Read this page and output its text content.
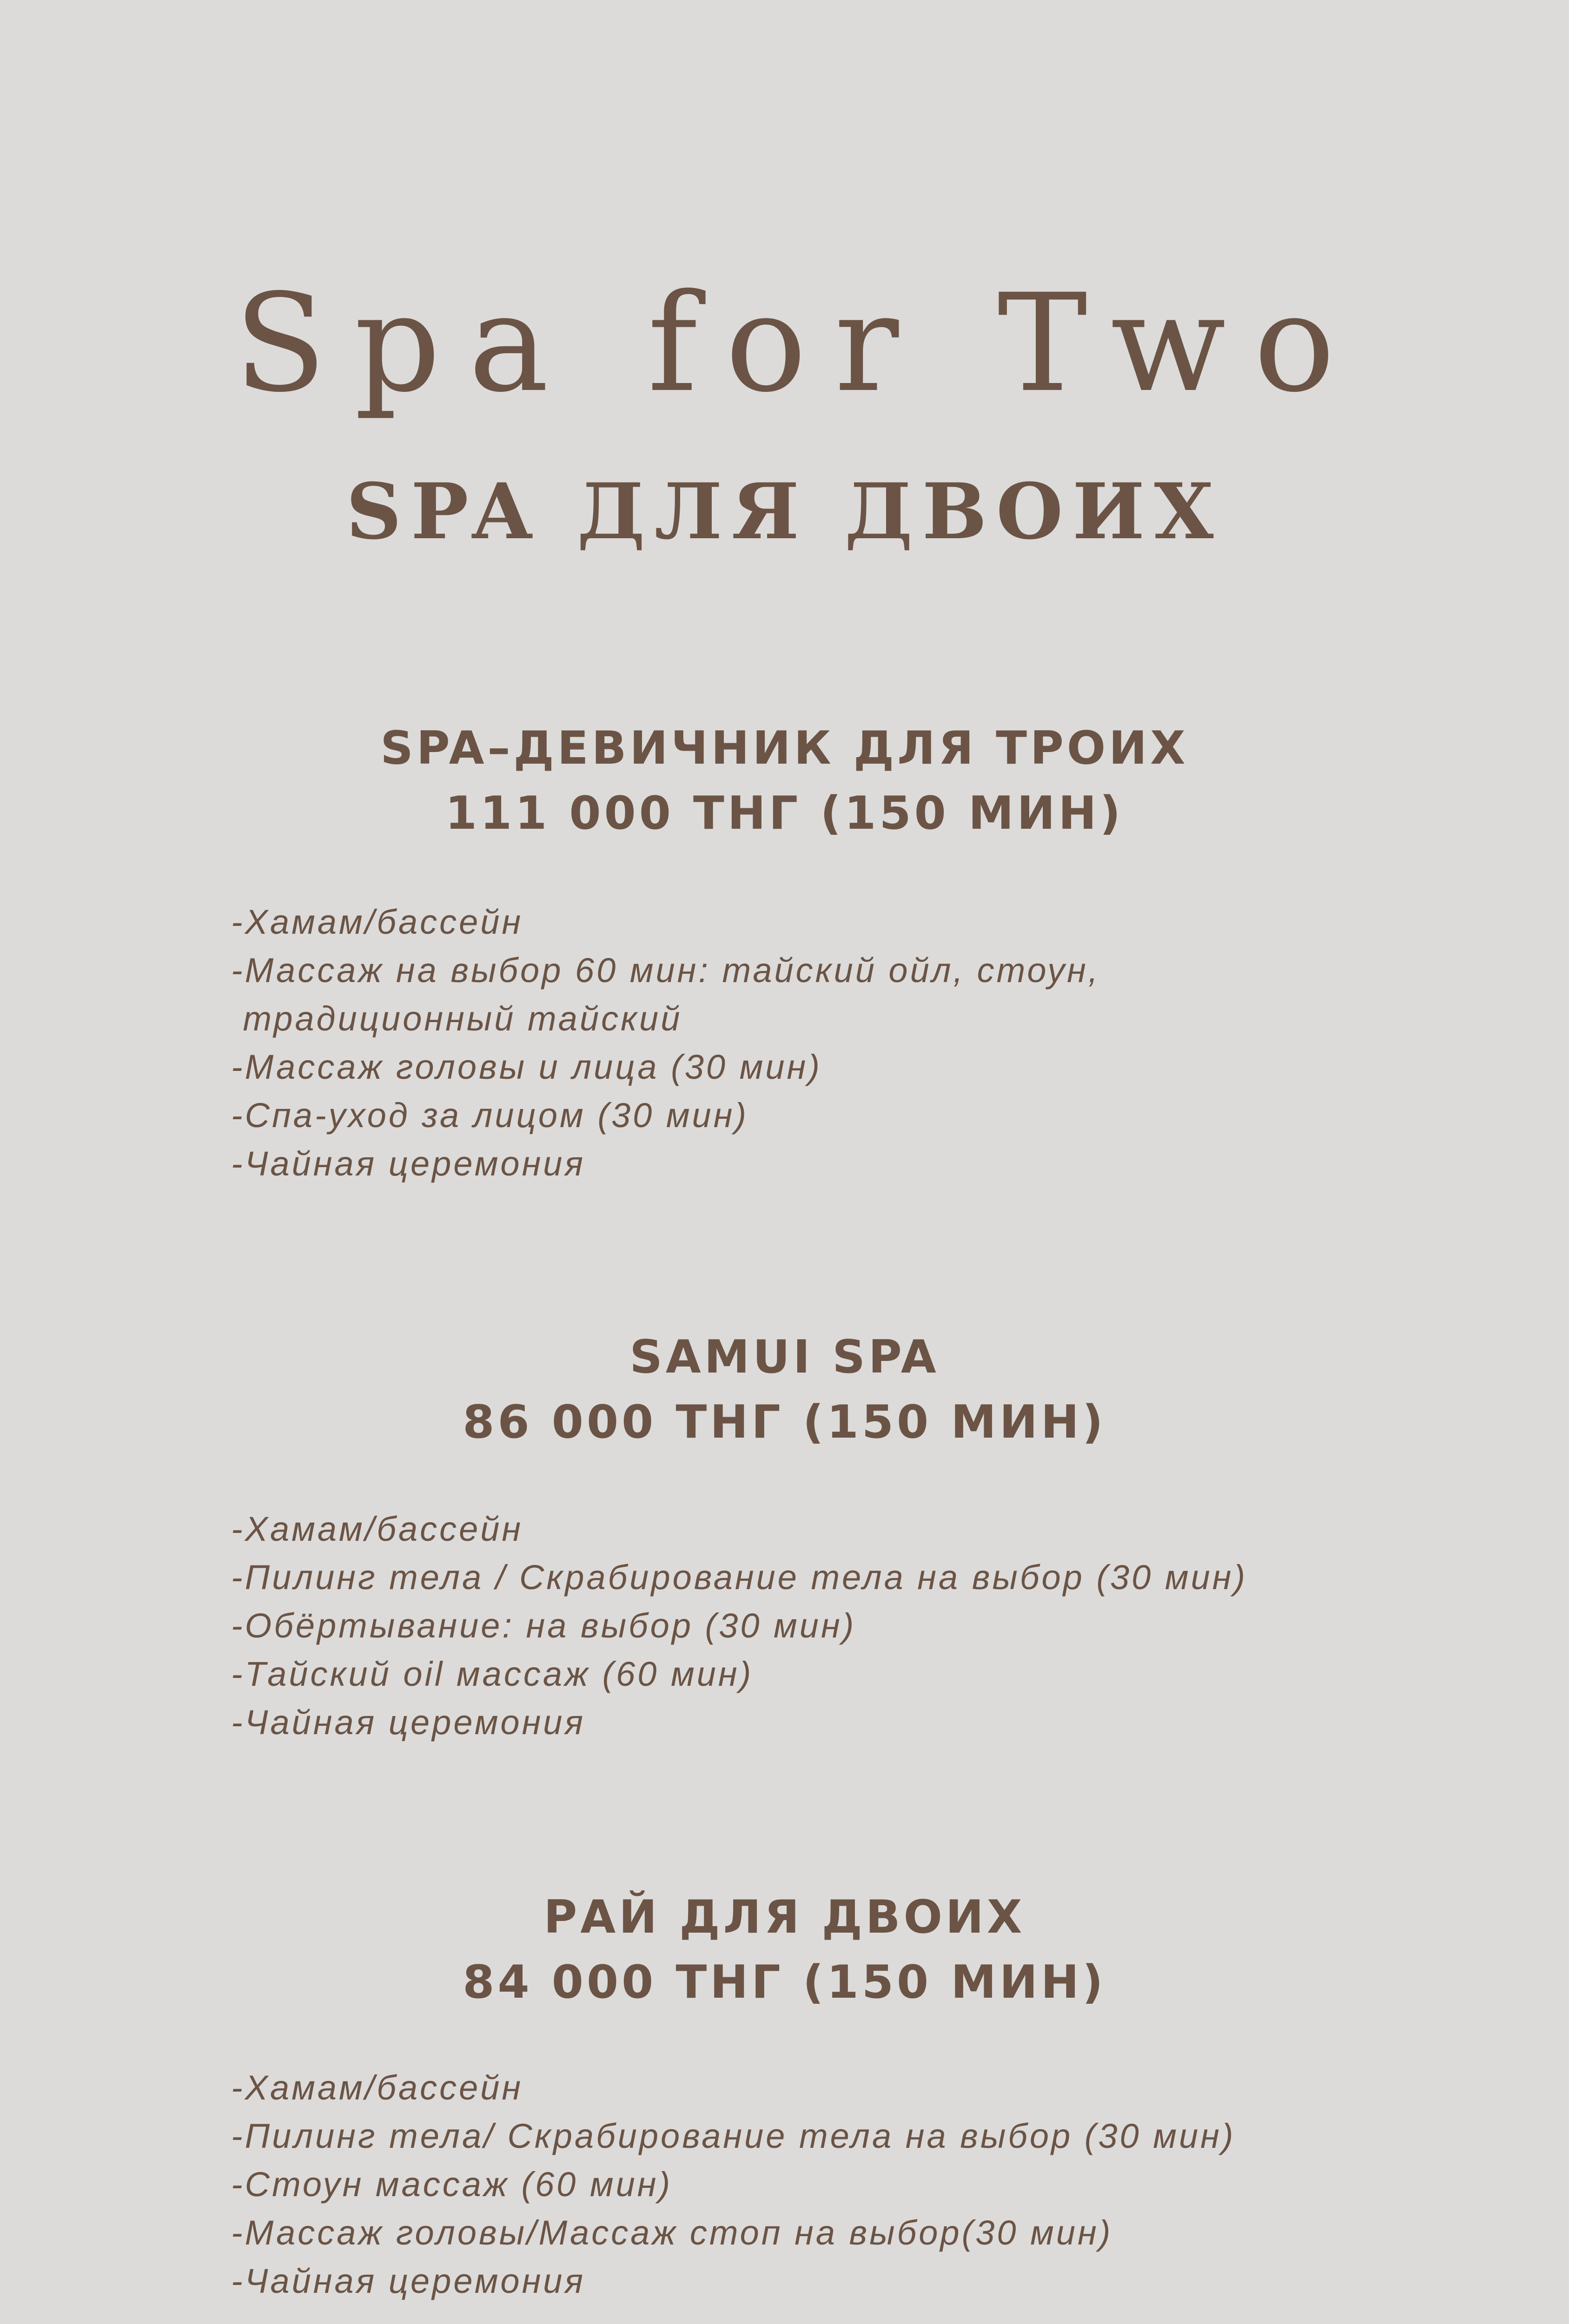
Spa for Two
SPA ДЛЯ ДВОИХ
SPA–ДЕВИЧНИК ДЛЯ ТРОИХ
111 000 ТНГ (150 МИН)
-Хамам/бассейн
-Массаж на выбор 60 мин: тайский ойл, стоун,
традиционный тайский
-Массаж головы и лица (30 мин)
-Спа-уход за лицом (30 мин)
-Чайная церемония
SAMUI SPA
86 000 ТНГ (150 МИН)
-Хамам/бассейн
-Пилинг тела / Скрабирование тела на выбор (30 мин)
-Обёртывание: на выбор (30 мин)
-Тайский oil массаж (60 мин)
-Чайная церемония
РАЙ ДЛЯ ДВОИХ
84 000 ТНГ (150 МИН)
-Хамам/бассейн
-Пилинг тела/ Скрабирование тела на выбор (30 мин)
-Стоун массаж (60 мин)
-Массаж головы/Массаж стоп на выбор(30 мин)
-Чайная церемония
